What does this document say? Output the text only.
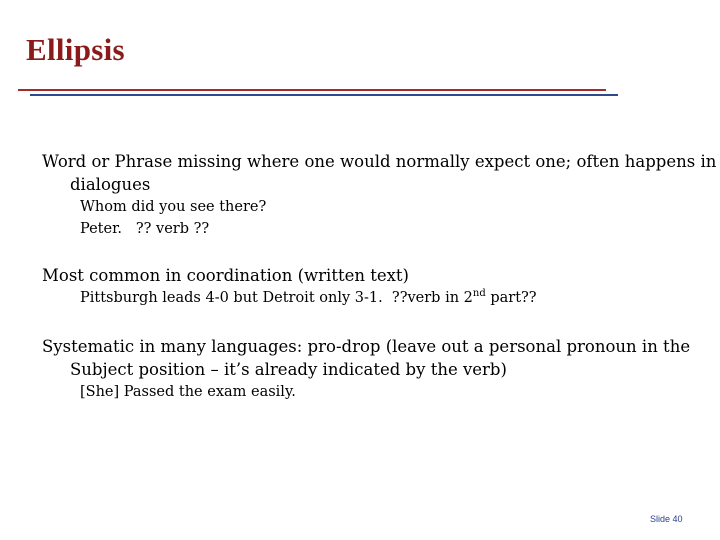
Ellipsis
Word or Phrase missing where one would normally expect one; often happens in dialogues
Whom did you see there?
Peter.   ?? verb ??
Most common in coordination (written text)
Pittsburgh leads 4-0 but Detroit only 3-1.  ??verb in 2nd part??
Systematic in many languages: pro-drop (leave out a personal pronoun in the Subject position – it’s already indicated by the verb)
[She] Passed the exam easily.
Slide 40
